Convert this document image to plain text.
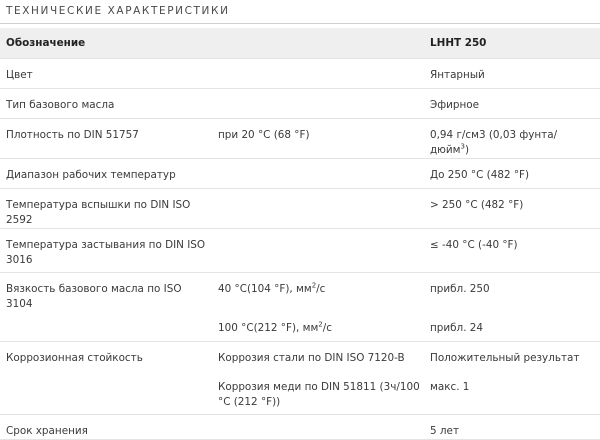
ТЕХНИЧЕСКИЕ ХАРАКТЕРИСТИКИ
Обозначение		LHHT 250
Цвет		Янтарный
Тип базового масла		Эфирное
Плотность по DIN 51757	при 20 °C (68 °F)	0,94 г/см3 (0,03 фунта/дюйм$^3$)
Диапазон рабочих температур		До 250 °C (482 °F)
Температура вспышки по DIN ISO 2592		> 250 °C (482 °F)
Температура застывания по DIN ISO 3016		≤ -40 °C (-40 °F)
Вязкость базового масла по ISO 3104	40 °C(104 °F), $мм^2/с$	прибл. 250
	100 °C(212 °F), $мм^2/с$	прибл. 24
Коррозионная стойкость	Коррозия стали по DIN ISO 7120-B	Положительный результат
	Коррозия меди по DIN 51811 (3ч/100 °C (212 °F))	макс. 1
Срок хранения		5 лет
